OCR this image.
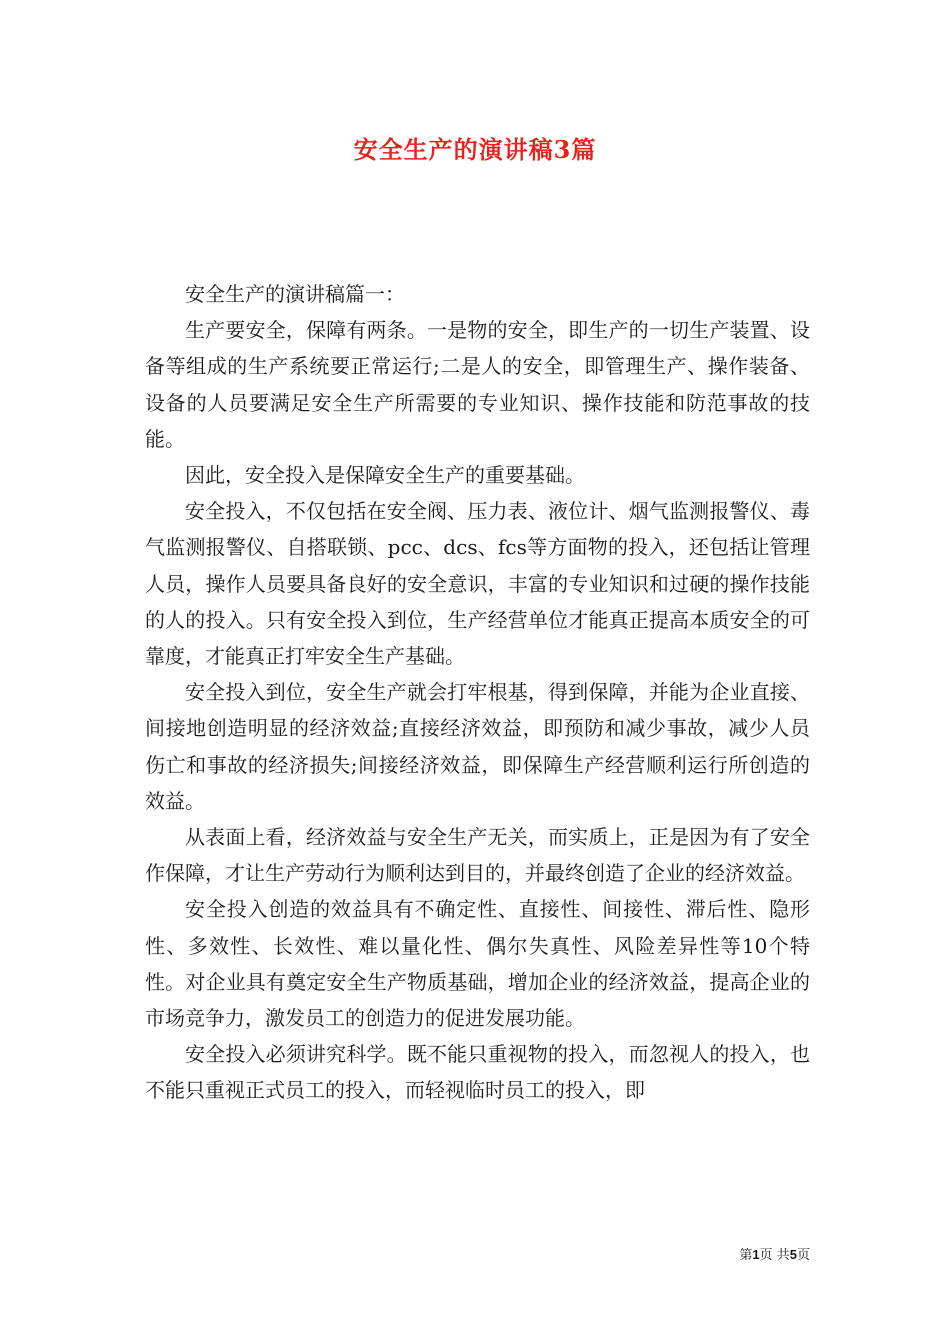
安全生产的演讲稿3篇

安全生产的演讲稿篇一：

生产要安全，保障有两条。一是物的安全，即生产的一切生产装置、设备等组成的生产系统要正常运行;二是人的安全，即管理生产、操作装备、设备的人员要满足安全生产所需要的专业知识、操作技能和防范事故的技能。

因此，安全投入是保障安全生产的重要基础。

安全投入，不仅包括在安全阀、压力表、液位计、烟气监测报警仪、毒气监测报警仪、自搭联锁、pcc、dcs、fcs等方面物的投入，还包括让管理人员，操作人员要具备良好的安全意识，丰富的专业知识和过硬的操作技能的人的投入。只有安全投入到位，生产经营单位才能真正提高本质安全的可靠度，才能真正打牢安全生产基础。

安全投入到位，安全生产就会打牢根基，得到保障，并能为企业直接、间接地创造明显的经济效益;直接经济效益，即预防和减少事故，减少人员伤亡和事故的经济损失;间接经济效益，即保障生产经营顺利运行所创造的效益。

从表面上看，经济效益与安全生产无关，而实质上，正是因为有了安全作保障，才让生产劳动行为顺利达到目的，并最终创造了企业的经济效益。

安全投入创造的效益具有不确定性、直接性、间接性、滞后性、隐形性、多效性、长效性、难以量化性、偶尔失真性、风险差异性等10个特性。对企业具有奠定安全生产物质基础，增加企业的经济效益，提高企业的市场竞争力，激发员工的创造力的促进发展功能。

安全投入必须讲究科学。既不能只重视物的投入，而忽视人的投入，也不能只重视正式员工的投入，而轻视临时员工的投入，即

第1页 共5页
